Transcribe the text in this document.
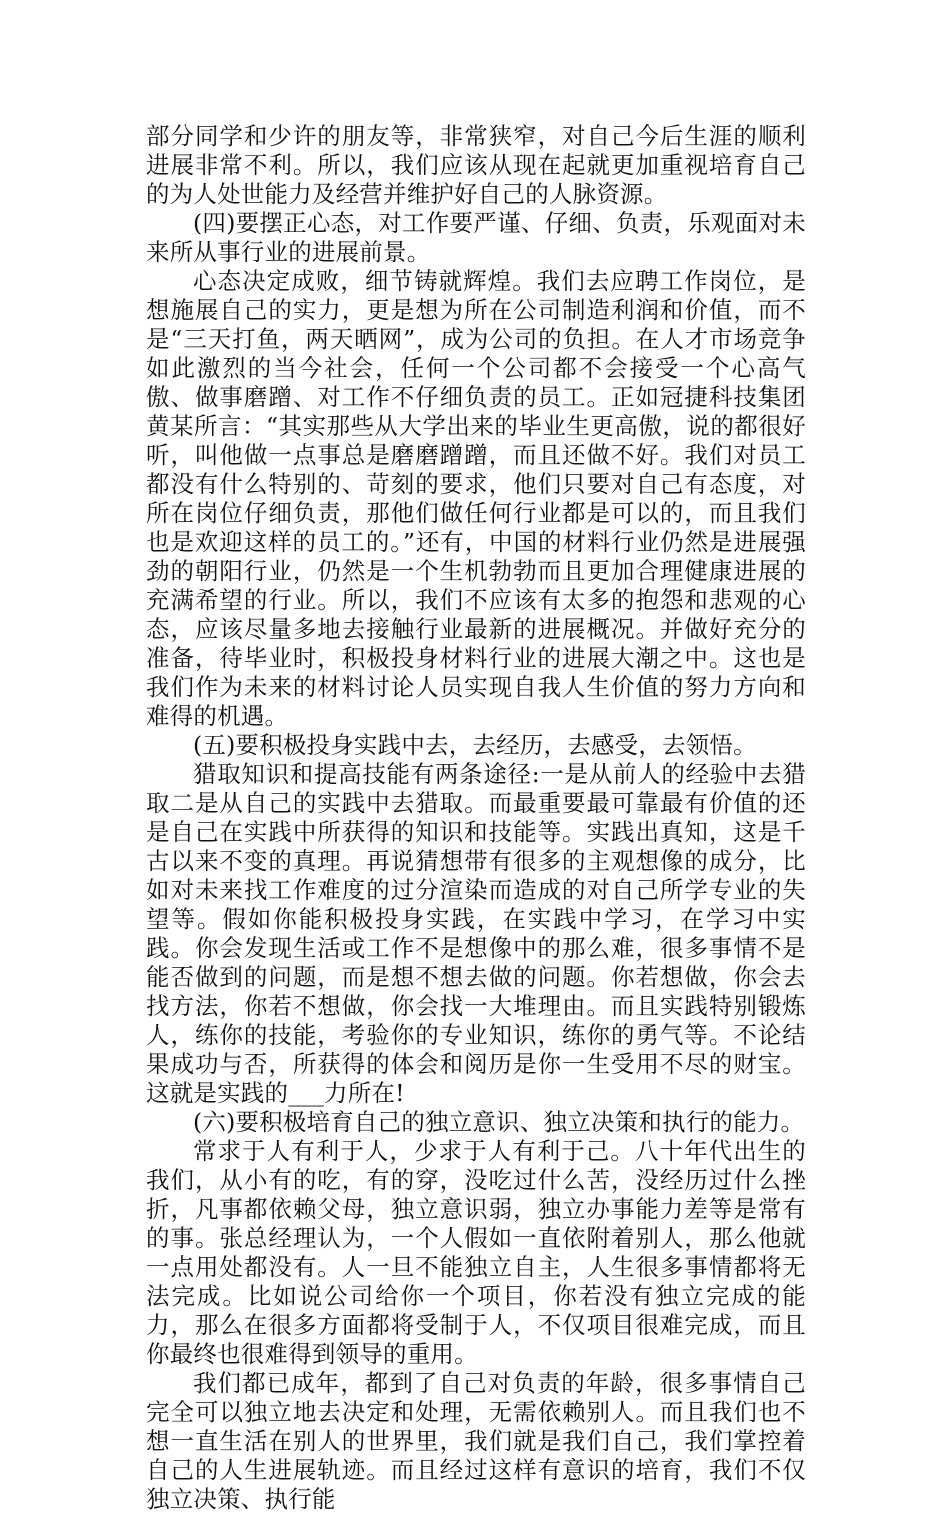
部分同学和少许的朋友等，非常狭窄，对自己今后生涯的顺利进展非常不利。所以，我们应该从现在起就更加重视培育自己的为人处世能力及经营并维护好自己的人脉资源。

(四)要摆正心态，对工作要严谨、仔细、负责，乐观面对未来所从事行业的进展前景。

心态决定成败，细节铸就辉煌。我们去应聘工作岗位，是想施展自己的实力，更是想为所在公司制造利润和价值，而不是“三天打鱼，两天晒网”，成为公司的负担。在人才市场竞争如此激烈的当今社会，任何一个公司都不会接受一个心高气傲、做事磨蹭、对工作不仔细负责的员工。正如冠捷科技集团黄某所言：“其实那些从大学出来的毕业生更高傲，说的都很好听，叫他做一点事总是磨磨蹭蹭，而且还做不好。我们对员工都没有什么特别的、苛刻的要求，他们只要对自己有态度，对所在岗位仔细负责，那他们做任何行业都是可以的，而且我们也是欢迎这样的员工的。”还有，中国的材料行业仍然是进展强劲的朝阳行业，仍然是一个生机勃勃而且更加合理健康进展的充满希望的行业。所以，我们不应该有太多的抱怨和悲观的心态，应该尽量多地去接触行业最新的进展概况。并做好充分的准备，待毕业时，积极投身材料行业的进展大潮之中。这也是我们作为未来的材料讨论人员实现自我人生价值的努力方向和难得的机遇。

(五)要积极投身实践中去，去经历，去感受，去领悟。

猎取知识和提高技能有两条途径:一是从前人的经验中去猎取二是从自己的实践中去猎取。而最重要最可靠最有价值的还是自己在实践中所获得的知识和技能等。实践出真知，这是千古以来不变的真理。再说猜想带有很多的主观想像的成分，比如对未来找工作难度的过分渲染而造成的对自己所学专业的失望等。假如你能积极投身实践，在实践中学习，在学习中实践。你会发现生活或工作不是想像中的那么难，很多事情不是能否做到的问题，而是想不想去做的问题。你若想做，你会去找方法，你若不想做，你会找一大堆理由。而且实践特别锻炼人，练你的技能，考验你的专业知识，练你的勇气等。不论结果成功与否，所获得的体会和阅历是你一生受用不尽的财宝。这就是实践的___力所在!

(六)要积极培育自己的独立意识、独立决策和执行的能力。

常求于人有利于人，少求于人有利于己。八十年代出生的我们，从小有的吃，有的穿，没吃过什么苦，没经历过什么挫折，凡事都依赖父母，独立意识弱，独立办事能力差等是常有的事。张总经理认为，一个人假如一直依附着别人，那么他就一点用处都没有。人一旦不能独立自主，人生很多事情都将无法完成。比如说公司给你一个项目，你若没有独立完成的能力，那么在很多方面都将受制于人，不仅项目很难完成，而且你最终也很难得到领导的重用。

我们都已成年，都到了自己对负责的年龄，很多事情自己完全可以独立地去决定和处理，无需依赖别人。而且我们也不想一直生活在别人的世界里，我们就是我们自己，我们掌控着自己的人生进展轨迹。而且经过这样有意识的培育，我们不仅独立决策、执行能
